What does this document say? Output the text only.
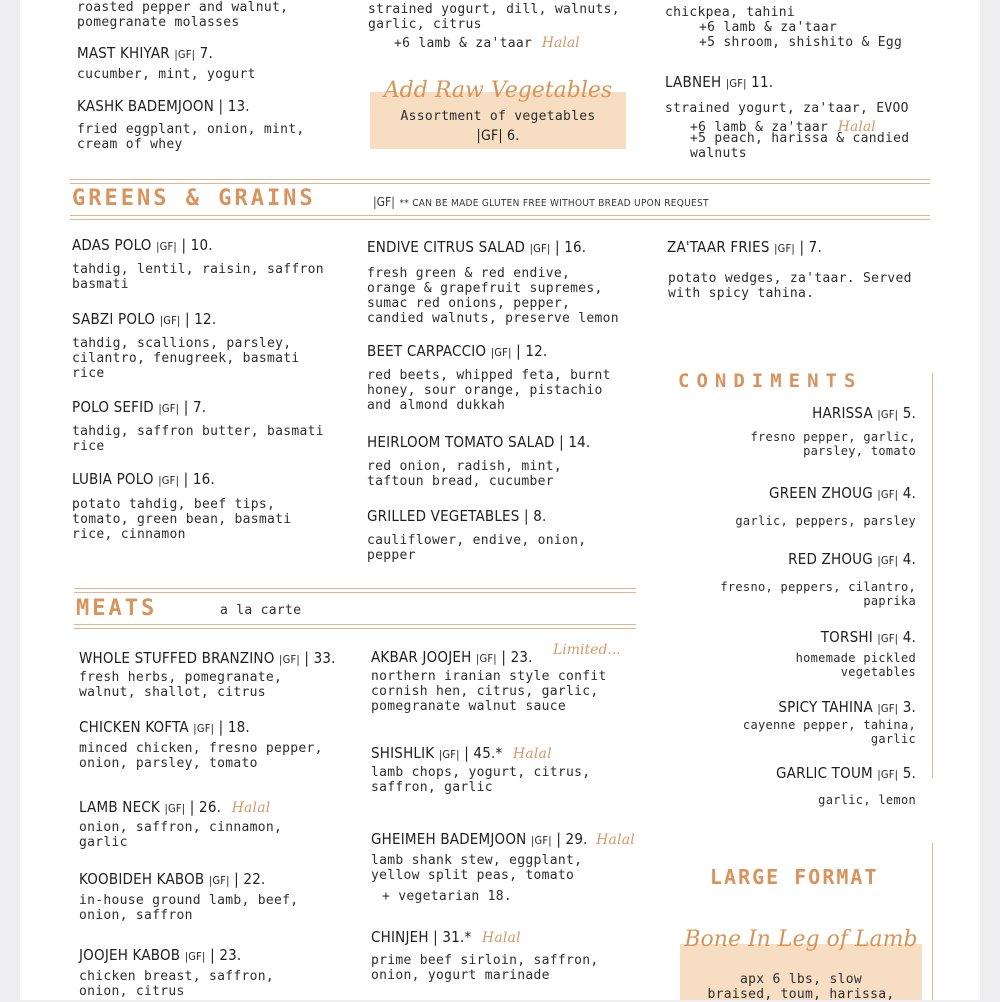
roasted pepper and walnut,
pomegranate molasses
MAST KHIYAR |GF| 7.
cucumber, mint, yogurt
KASHK BADEMJOON | 13.
fried eggplant, onion, mint,
cream of whey
strained yogurt, dill, walnuts,
garlic, citrus
+6 lamb & za'taar Halal
Add Raw Vegetables
Assortment of vegetables
|GF| 6.
chickpea, tahini
+6 lamb & za'taar
+5 shroom, shishito & Egg
LABNEH |GF| 11.
strained yogurt, za'taar, EVOO
+6 lamb & za'taar Halal
+5 peach, harissa & candied
walnuts
GREENS & GRAINS	|GF| ** CAN BE MADE GLUTEN FREE WITHOUT BREAD UPON REQUEST
ADAS POLO |GF| | 10.
tahdig, lentil, raisin, saffron
basmati
SABZI POLO |GF| | 12.
tahdig, scallions, parsley,
cilantro, fenugreek, basmati
rice
POLO SEFID |GF| | 7.
tahdig, saffron butter, basmati
rice
LUBIA POLO |GF| | 16.
potato tahdig, beef tips,
tomato, green bean, basmati
rice, cinnamon
ENDIVE CITRUS SALAD |GF| | 16.
fresh green & red endive,
orange & grapefruit supremes,
sumac red onions, pepper,
candied walnuts, preserve lemon
BEET CARPACCIO |GF| | 12.
red beets, whipped feta, burnt
honey, sour orange, pistachio
and almond dukkah
HEIRLOOM TOMATO SALAD | 14.
red onion, radish, mint,
taftoun bread, cucumber
GRILLED VEGETABLES | 8.
cauliflower, endive, onion,
pepper
ZA'TAAR FRIES |GF| | 7.
potato wedges, za'taar. Served
with spicy tahina.
CONDIMENTS
HARISSA |GF| 5.
fresno pepper, garlic,
parsley, tomato
GREEN ZHOUG |GF| 4.
garlic, peppers, parsley
RED ZHOUG |GF| 4.
fresno, peppers, cilantro,
paprika
TORSHI |GF| 4.
homemade pickled
vegetables
SPICY TAHINA |GF| 3.
cayenne pepper, tahina,
garlic
GARLIC TOUM |GF| 5.
garlic, lemon
MEATS	a la carte
WHOLE STUFFED BRANZINO |GF| | 33.
fresh herbs, pomegranate,
walnut, shallot, citrus
CHICKEN KOFTA |GF| | 18.
minced chicken, fresno pepper,
onion, parsley, tomato
LAMB NECK |GF| | 26. Halal
onion, saffron, cinnamon,
garlic
KOOBIDEH KABOB |GF| | 22.
in-house ground lamb, beef,
onion, saffron
JOOJEH KABOB |GF| | 23.
chicken breast, saffron,
onion, citrus
AKBAR JOOJEH |GF| | 23. Limited...
northern iranian style confit
cornish hen, citrus, garlic,
pomegranate walnut sauce
SHISHLIK |GF| | 45.* Halal
lamb chops, yogurt, citrus,
saffron, garlic
GHEIMEH BADEMJOON |GF| | 29. Halal
lamb shank stew, eggplant,
yellow split peas, tomato
+ vegetarian 18.
CHINJEH | 31.* Halal
prime beef sirloin, saffron,
onion, yogurt marinade
LARGE FORMAT
Bone In Leg of Lamb
apx 6 lbs, slow
braised, toum, harissa,
